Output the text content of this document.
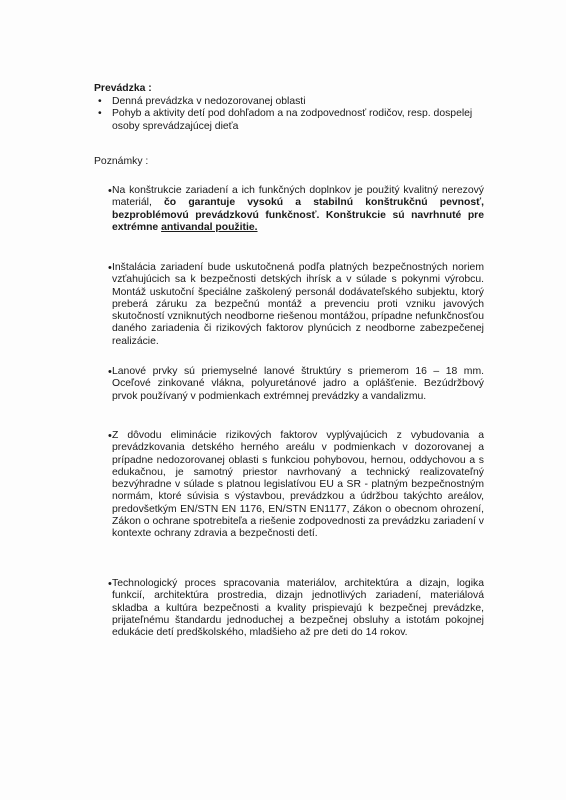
Prevádzka :
• Denná prevádzka v nedozorovanej oblasti
• Pohyb a aktivity detí pod dohľadom a na zodpovednosť rodičov, resp. dospelej osoby sprevádzajúcej dieťa
Poznámky :
• Na konštrukcie zariadení a ich funkčných doplnkov je použitý kvalitný nerezový materiál, čo garantuje vysokú a stabilnú konštrukčnú pevnosť, bezproblémovú prevádzkovú funkčnosť. Konštrukcie sú navrhnuté pre extrémne antivandal použitie.
• Inštalácia zariadení bude uskutočnená podľa platných bezpečnostných noriem vzťahujúcich sa k bezpečnosti detských ihrísk a v súlade s pokynmi výrobcu. Montáž uskutoční špeciálne zaškolený personál dodávateľského subjektu, ktorý preberá záruku za bezpečnú montáž a prevenciu proti vzniku javových skutočností vzniknutých neodborne riešenou montážou, prípadne nefunkčnosťou daného zariadenia či rizikových faktorov plynúcich z neodborne zabezpečenej realizácie.
• Lanové prvky sú priemyselné lanové štruktúry s priemerom 16 – 18 mm. Oceľové zinkované vlákna, polyuretánové jadro a oplášťenie. Bezúdržbový prvok používaný v podmienkach extrémnej prevádzky a vandalizmu.
• Z dôvodu eliminácie rizikových faktorov vyplývajúcich z vybudovania a prevádzkovania detského herného areálu v podmienkach v dozorovanej a prípadne nedozorovanej oblasti s funkciou pohybovou, hernou, oddychovou a s edukačnou, je samotný priestor navrhovaný a technický realizovateľný bezvýhradne v súlade s platnou legislatívou EU a SR - platným bezpečnostným normám, ktoré súvisia s výstavbou, prevádzkou a údržbou takýchto areálov, predovšetkým EN/STN EN 1176, EN/STN EN1177, Zákon o obecnom ohrození, Zákon o ochrane spotrebiteľa a riešenie zodpovednosti za prevádzku zariadení v kontexte ochrany zdravia a bezpečnosti detí.
• Technologický proces spracovania materiálov, architektúra a dizajn, logika funkcií, architektúra prostredia, dizajn jednotlivých zariadení, materiálová skladba a kultúra bezpečnosti a kvality prispievajú k bezpečnej prevádzke, prijateľnému štandardu jednoduchej a bezpečnej obsluhy a istotám pokojnej edukácie detí predškolského, mladšieho až pre deti do 14 rokov.
